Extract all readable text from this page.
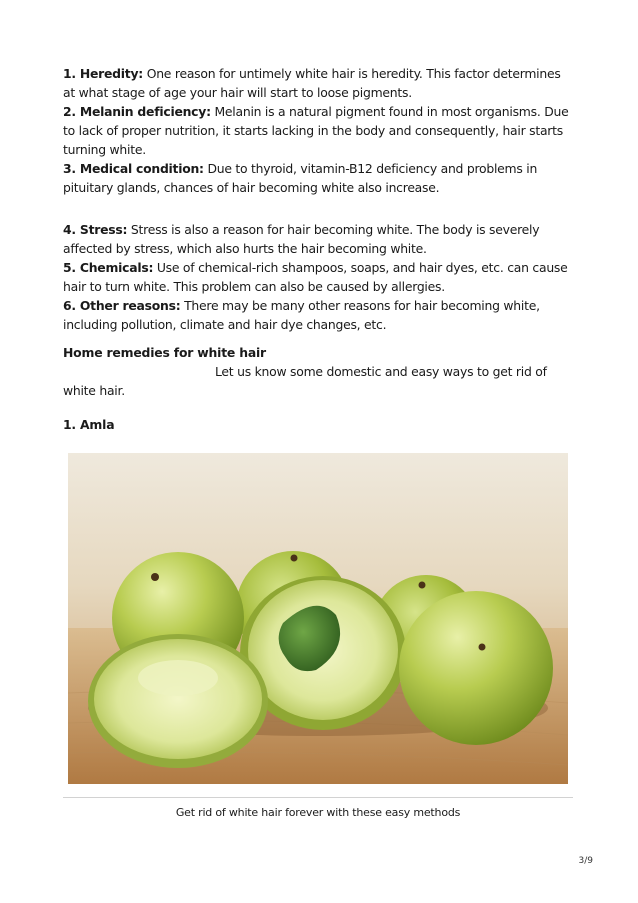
1. Heredity: One reason for untimely white hair is heredity. This factor determines at what stage of age your hair will start to loose pigments.

2. Melanin deficiency: Melanin is a natural pigment found in most organisms. Due to lack of proper nutrition, it starts lacking in the body and consequently, hair starts turning white.

3. Medical condition: Due to thyroid, vitamin-B12 deficiency and problems in pituitary glands, chances of hair becoming white also increase.

4. Stress: Stress is also a reason for hair becoming white. The body is severely affected by stress, which also hurts the hair becoming white.

5. Chemicals: Use of chemical-rich shampoos, soaps, and hair dyes, etc. can cause hair to turn white. This problem can also be caused by allergies.

6. Other reasons: There may be many other reasons for hair becoming white, including pollution, climate and hair dye changes, etc.

Home remedies for white hair

Let us know some domestic and easy ways to get rid of white hair.

1. Amla
Get rid of white hair forever with these easy methods
3/9
